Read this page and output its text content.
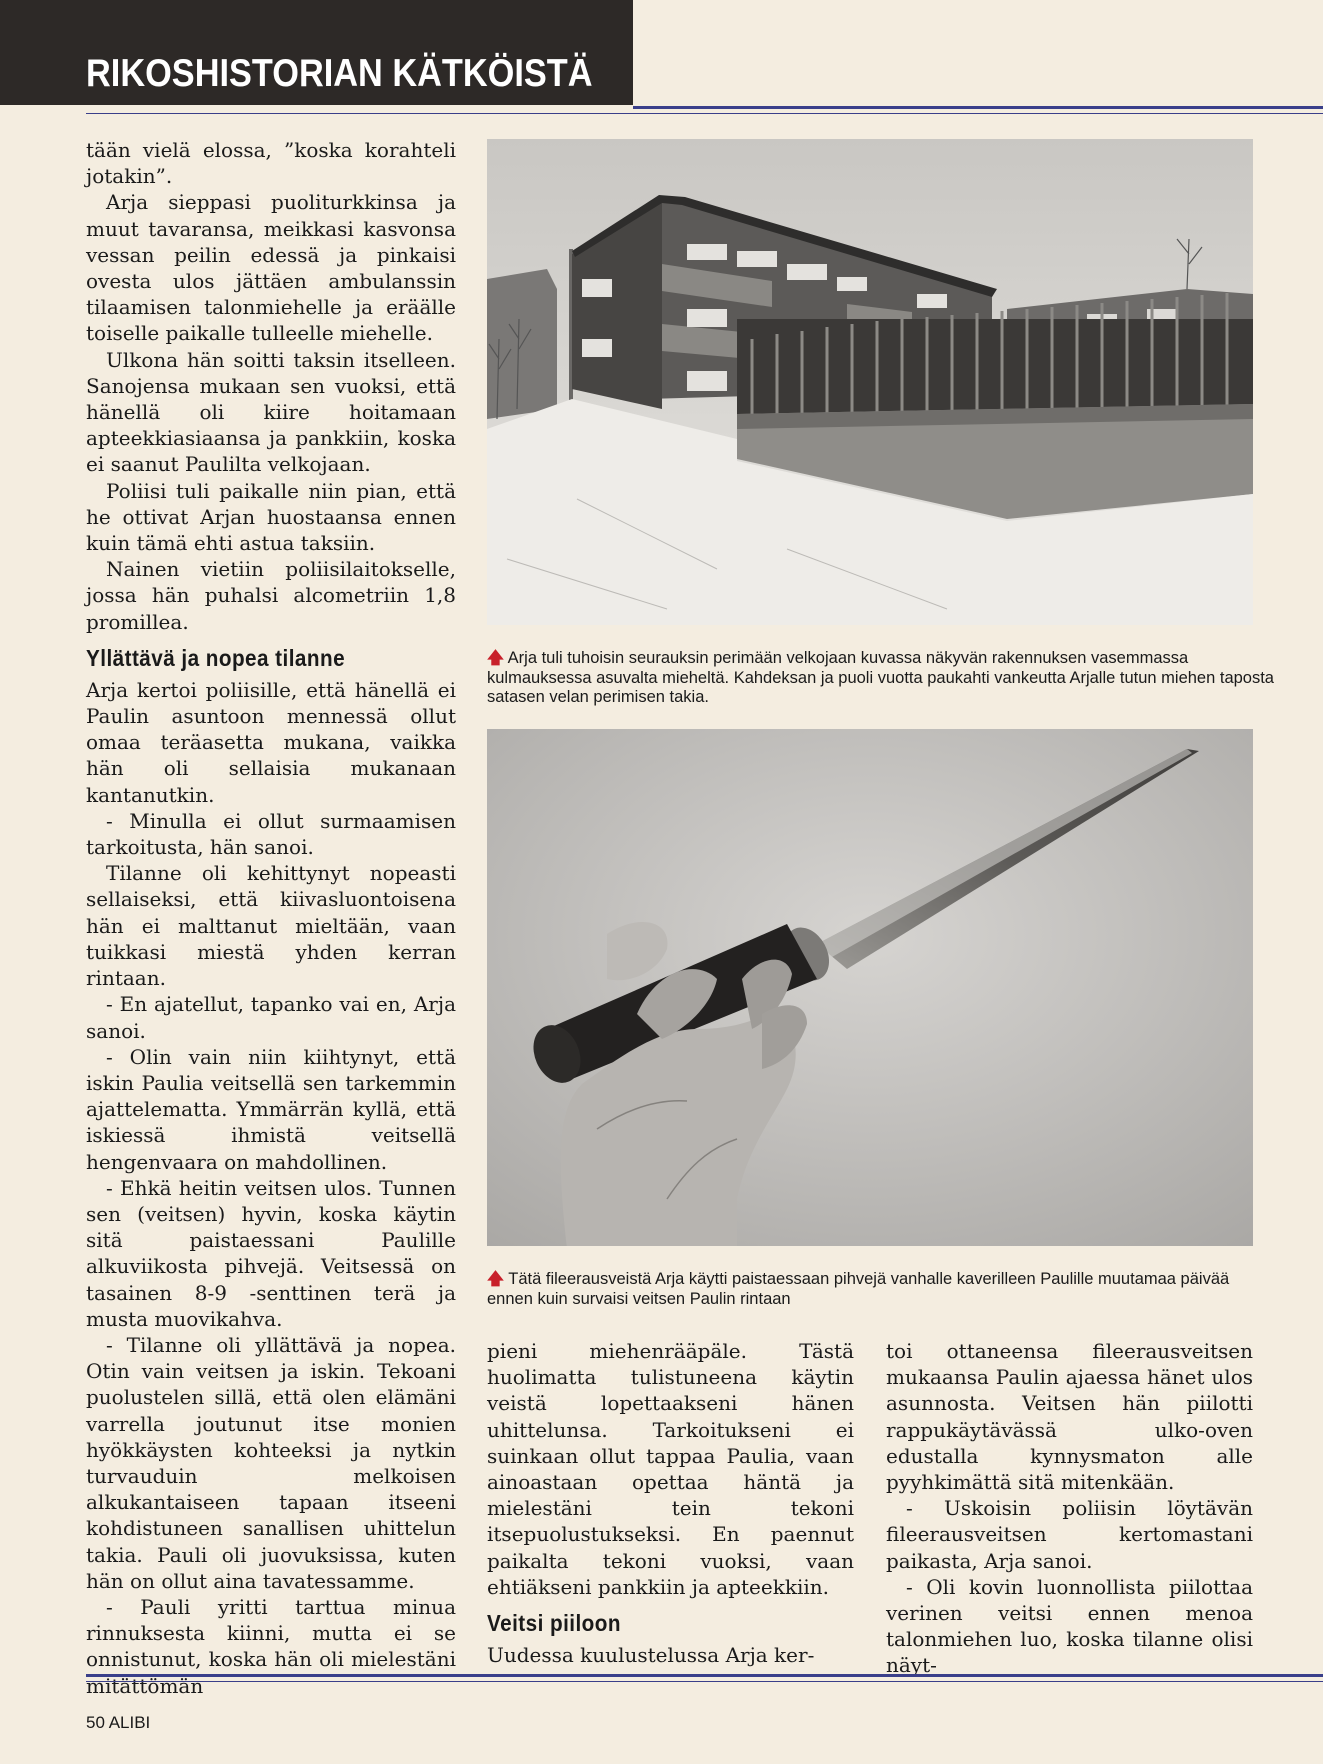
RIKOSHISTORIAN KÄTKÖISTÄ

tään vielä elossa, ”koska korahteli jotakin”.

Arja sieppasi puoliturkkinsa ja muut tavaransa, meikkasi kasvonsa vessan peilin edessä ja pinkaisi ovesta ulos jättäen ambulanssin tilaamisen talonmiehelle ja eräälle toiselle paikalle tulleelle miehelle.

Ulkona hän soitti taksin itselleen. Sanojensa mukaan sen vuoksi, että hänellä oli kiire hoitamaan apteekkiasiaansa ja pankkiin, koska ei saanut Paulilta velkojaan.

Poliisi tuli paikalle niin pian, että he ottivat Arjan huostaansa ennen kuin tämä ehti astua taksiin.

Nainen vietiin poliisilaitokselle, jossa hän puhalsi alcometriin 1,8 promillea.

Yllättävä ja nopea tilanne

Arja kertoi poliisille, että hänellä ei Paulin asuntoon mennessä ollut omaa teräasetta mukana, vaikka hän oli sellaisia mukanaan kantanutkin.

- Minulla ei ollut surmaamisen tarkoitusta, hän sanoi.

Tilanne oli kehittynyt nopeasti sellaiseksi, että kiivasluontoisena hän ei malttanut mieltään, vaan tuikkasi miestä yhden kerran rintaan.

- En ajatellut, tapanko vai en, Arja sanoi.

- Olin vain niin kiihtynyt, että iskin Paulia veitsellä sen tarkemmin ajattelematta. Ymmärrän kyllä, että iskiessä ihmistä veitsellä hengenvaara on mahdollinen.

- Ehkä heitin veitsen ulos. Tunnen sen (veitsen) hyvin, koska käytin sitä paistaessani Paulille alkuviikosta pihvejä. Veitsessä on tasainen 8-9 -senttinen terä ja musta muovikahva.

- Tilanne oli yllättävä ja nopea. Otin vain veitsen ja iskin. Tekoani puolustelen sillä, että olen elämäni varrella joutunut itse monien hyökkäysten kohteeksi ja nytkin turvauduin melkoisen alkukantaiseen tapaan itseeni kohdistuneen sanallisen uhittelun takia. Pauli oli juovuksissa, kuten hän on ollut aina tavatessamme.

- Pauli yritti tarttua minua rinnuksesta kiinni, mutta ei se onnistunut, koska hän oli mielestäni mitättömän

🡅 Arja tuli tuhoisin seurauksin perimään velkojaan kuvassa näkyvän rakennuksen vasemmassa kulmauksessa asuvalta mieheltä. Kahdeksan ja puoli vuotta paukahti vankeutta Arjalle tutun miehen taposta satasen velan perimisen takia.
🡅 Tätä fileerausveistä Arja käytti paistaessaan pihvejä vanhalle kaverilleen Paulille muutamaa päivää ennen kuin survaisi veitsen Paulin rintaan

pieni miehenrääpäle. Tästä huolimatta tulistuneena käytin veistä lopettaakseni hänen uhittelunsa. Tarkoitukseni ei suinkaan ollut tappaa Paulia, vaan ainoastaan opettaa häntä ja mielestäni tein tekoni itsepuolustukseksi. En paennut paikalta tekoni vuoksi, vaan ehtiäkseni pankkiin ja apteekkiin.

Veitsi piiloon

Uudessa kuulustelussa Arja ker-

toi ottaneensa fileerausveitsen mukaansa Paulin ajaessa hänet ulos asunnosta. Veitsen hän piilotti rappukäytävässä ulko-oven edustalla kynnysmaton alle pyyhkimättä sitä mitenkään.

- Uskoisin poliisin löytävän fileerausveitsen kertomastani paikasta, Arja sanoi.

- Oli kovin luonnollista piilottaa verinen veitsi ennen menoa talonmiehen luo, koska tilanne olisi näyt-

50 ALIBI
